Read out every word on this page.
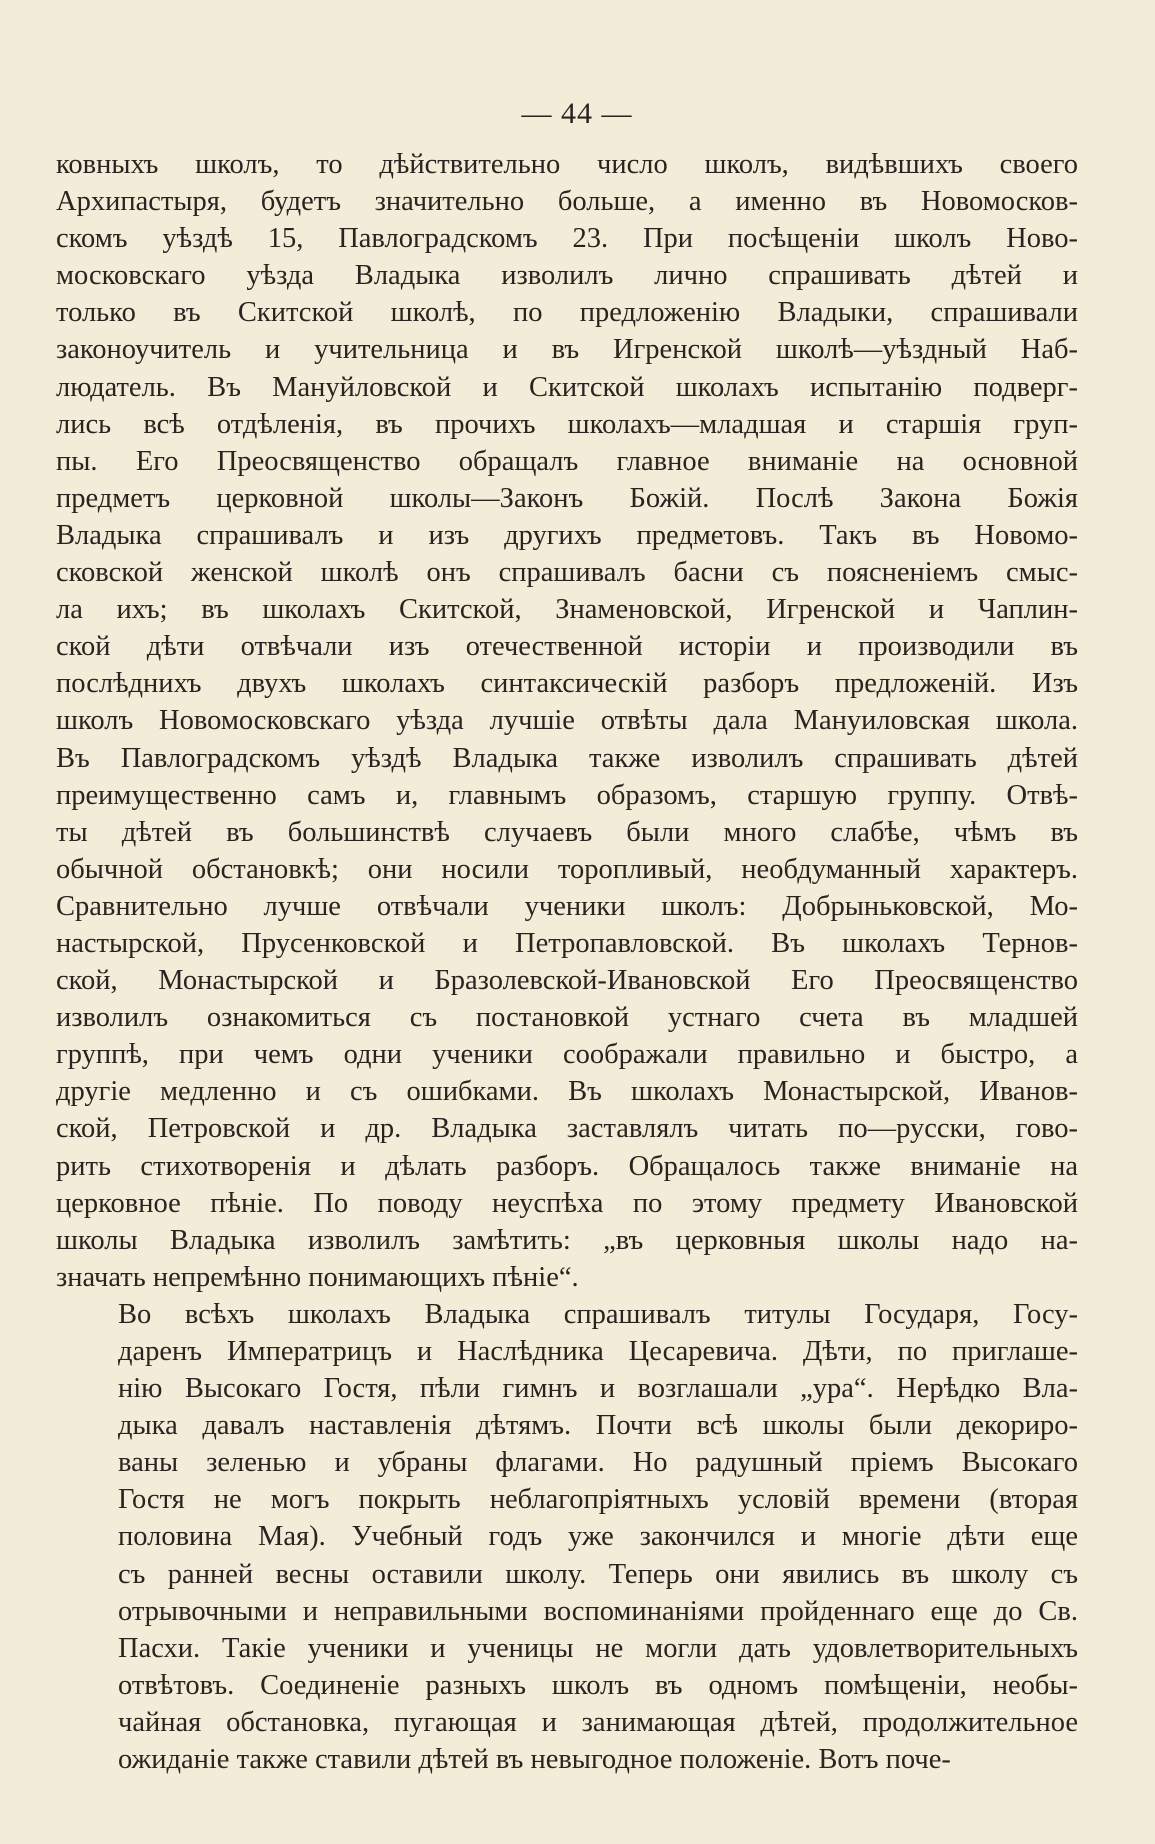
— 44 —
ковныхъ школъ, то дѣйствительно число школъ, видѣвшихъ своего
Архипастыря, будетъ значительно больше, а именно въ Новомосков-
скомъ уѣздѣ 15, Павлоградскомъ 23. При посѣщеніи школъ Ново-
московскаго уѣзда Владыка изволилъ лично спрашивать дѣтей и
только въ Скитской школѣ, по предложенію Владыки, спрашивали
законоучитель и учительница и въ Игренской школѣ—уѣздный Наб-
людатель. Въ Мануйловской и Скитской школахъ испытанію подверг-
лись всѣ отдѣленія, въ прочихъ школахъ—младшая и старшія груп-
пы. Его Преосвященство обращалъ главное вниманіе на основной
предметъ церковной школы—Законъ Божій. Послѣ Закона Божія
Владыка спрашивалъ и изъ другихъ предметовъ. Такъ въ Новомо-
сковской женской школѣ онъ спрашивалъ басни съ поясненіемъ смыс-
ла ихъ; въ школахъ Скитской, Знаменовской, Игренской и Чаплин-
ской дѣти отвѣчали изъ отечественной исторіи и производили въ
послѣднихъ двухъ школахъ синтаксическій разборъ предложеній. Изъ
школъ Новомосковскаго уѣзда лучшіе отвѣты дала Мануиловская школа.
Въ Павлоградскомъ уѣздѣ Владыка также изволилъ спрашивать дѣтей
преимущественно самъ и, главнымъ образомъ, старшую группу. Отвѣ-
ты дѣтей въ большинствѣ случаевъ были много слабѣе, чѣмъ въ
обычной обстановкѣ; они носили торопливый, необдуманный характеръ.
Сравнительно лучше отвѣчали ученики школъ: Добрыньковской, Мо-
настырской, Прусенковской и Петропавловской. Въ школахъ Тернов-
ской, Монастырской и Бразолевской-Ивановской Его Преосвященство
изволилъ ознакомиться съ постановкой устнаго счета въ младшей
группѣ, при чемъ одни ученики соображали правильно и быстро, а
другіе медленно и съ ошибками. Въ школахъ Монастырской, Иванов-
ской, Петровской и др. Владыка заставлялъ читать по—русски, гово-
рить стихотворенія и дѣлать разборъ. Обращалось также вниманіе на
церковное пѣніе. По поводу неуспѣха по этому предмету Ивановской
школы Владыка изволилъ замѣтить: „въ церковныя школы надо на-
значать непремѣнно понимающихъ пѣніе“.
Во всѣхъ школахъ Владыка спрашивалъ титулы Государя, Госу-
даренъ Императрицъ и Наслѣдника Цесаревича. Дѣти, по приглаше-
нію Высокаго Гостя, пѣли гимнъ и возглашали „ура“. Нерѣдко Вла-
дыка давалъ наставленія дѣтямъ. Почти всѣ школы были декориро-
ваны зеленью и убраны флагами. Но радушный пріемъ Высокаго
Гостя не могъ покрыть неблагопріятныхъ условій времени (вторая
половина Мая). Учебный годъ уже закончился и многіе дѣти еще
съ ранней весны оставили школу. Теперь они явились въ школу съ
отрывочными и неправильными воспоминаніями пройденнаго еще до Св.
Пасхи. Такіе ученики и ученицы не могли дать удовлетворительныхъ
отвѣтовъ. Соединеніе разныхъ школъ въ одномъ помѣщеніи, необы-
чайная обстановка, пугающая и занимающая дѣтей, продолжительное
ожиданіе также ставили дѣтей въ невыгодное положеніе. Вотъ поче-
